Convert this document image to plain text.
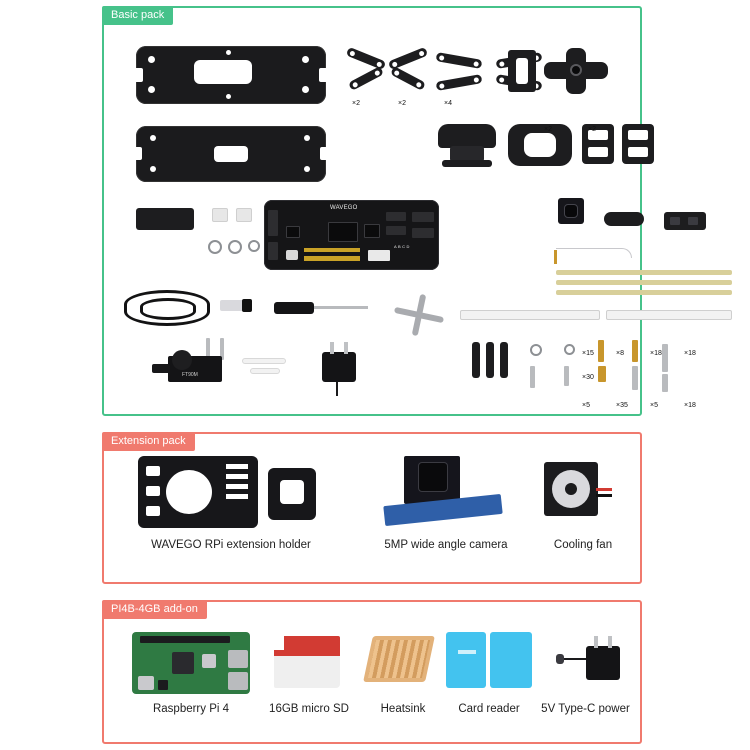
Basic pack
×2	×2	×4
×2	×2
WAVEGO
A B C D
FT90M
×15	×8	×18	×18
×30
×5	×35	×5	×18
Extension pack
WAVEGO RPi extension holder	5MP wide angle camera	Cooling fan
PI4B-4GB add-on
Raspberry Pi 4	16GB micro SD	Heatsink	Card reader	5V Type-C power
